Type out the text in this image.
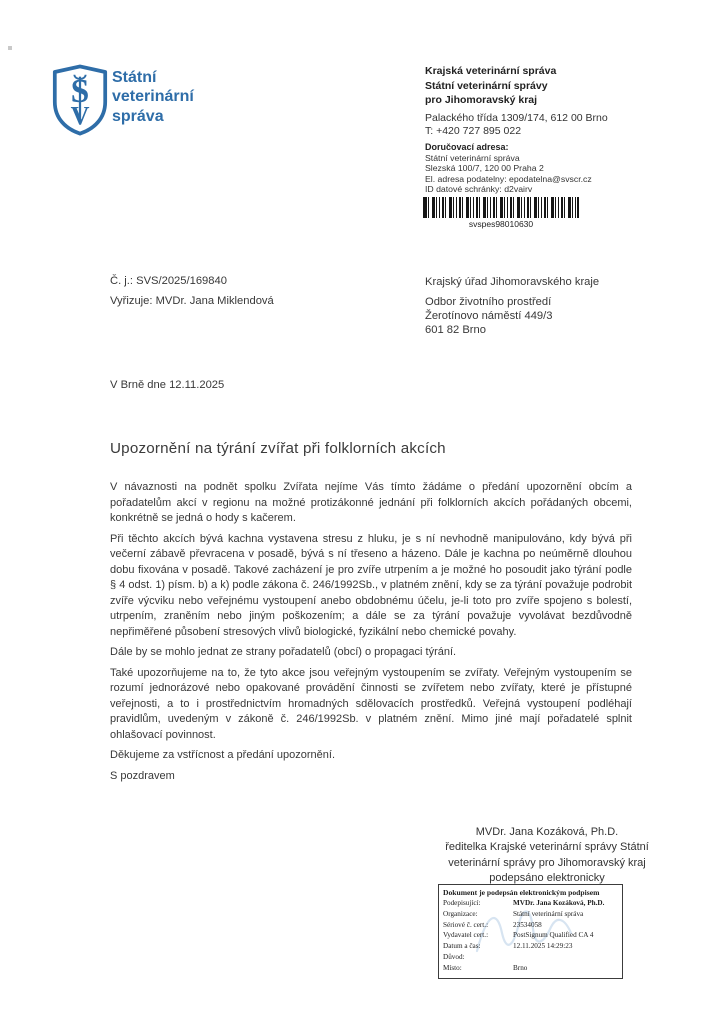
S
V
Státní
veterinární
správa
Krajská veterinární správa
Státní veterinární správy
pro Jihomoravský kraj
Palackého třída 1309/174, 612 00 Brno
T: +420 727 895 022
Doručovací adresa:
Státní veterinární správa
Slezská 100/7, 120 00 Praha 2
El. adresa podatelny: epodatelna@svscr.cz
ID datové schránky: d2vairv
svspes98010630
Č. j.: SVS/2025/169840
Vyřizuje: MVDr. Jana Miklendová
Krajský úřad Jihomoravského kraje
Odbor životního prostředí
Žerotínovo náměstí 449/3
601 82 Brno
V Brně dne 12.11.2025
Upozornění na týrání zvířat při folklorních akcích

V návaznosti na podnět spolku Zvířata nejíme Vás tímto žádáme o předání upozornění obcím a pořadatelům akcí v regionu na možné protizákonné jednání při folklorních akcích pořádaných obcemi, konkrétně se jedná o hody s kačerem.

Při těchto akcích bývá kachna vystavena stresu z hluku, je s ní nevhodně manipulováno, kdy bývá při večerní zábavě převracena v posadě, bývá s ní třeseno a házeno. Dále je kachna po neúměrně dlouhou dobu fixována v posadě. Takové zacházení je pro zvíře utrpením a je možné ho posoudit jako týrání podle § 4 odst. 1) písm. b) a k) podle zákona č. 246/1992Sb., v platném znění, kdy se za týrání považuje podrobit zvíře výcviku nebo veřejnému vystoupení anebo obdobnému účelu, je-li toto pro zvíře spojeno s bolestí, utrpením, zraněním nebo jiným poškozením; a dále se za týrání považuje vyvolávat bezdůvodně nepřiměřené působení stresových vlivů biologické, fyzikální nebo chemické povahy.

Dále by se mohlo jednat ze strany pořadatelů (obcí) o propagaci týrání.

Také upozorňujeme na to, že tyto akce jsou veřejným vystoupením se zvířaty. Veřejným vystoupením se rozumí jednorázové nebo opakované provádění činnosti se zvířetem nebo zvířaty, které je přístupné veřejnosti, a to i prostřednictvím hromadných sdělovacích prostředků. Veřejná vystoupení podléhají pravidlům, uvedeným v zákoně č. 246/1992Sb. v platném znění. Mimo jiné mají pořadatelé splnit ohlašovací povinnost.

Děkujeme za vstřícnost a předání upozornění.

S pozdravem

MVDr. Jana Kozáková, Ph.D.
ředitelka Krajské veterinární správy Státní
veterinární správy pro Jihomoravský kraj
podepsáno elektronicky
Dokument je podepsán elektronickým podpisem
Podepisující:	MVDr. Jana Kozáková, Ph.D.
Organizace:	Státní veterinární správa
Sériové č. cert.:	23534058
Vydavatel cert.:	PostSignum Qualified CA 4
Datum a čas:	12.11.2025 14:29:23
Důvod:
Místo:	Brno
